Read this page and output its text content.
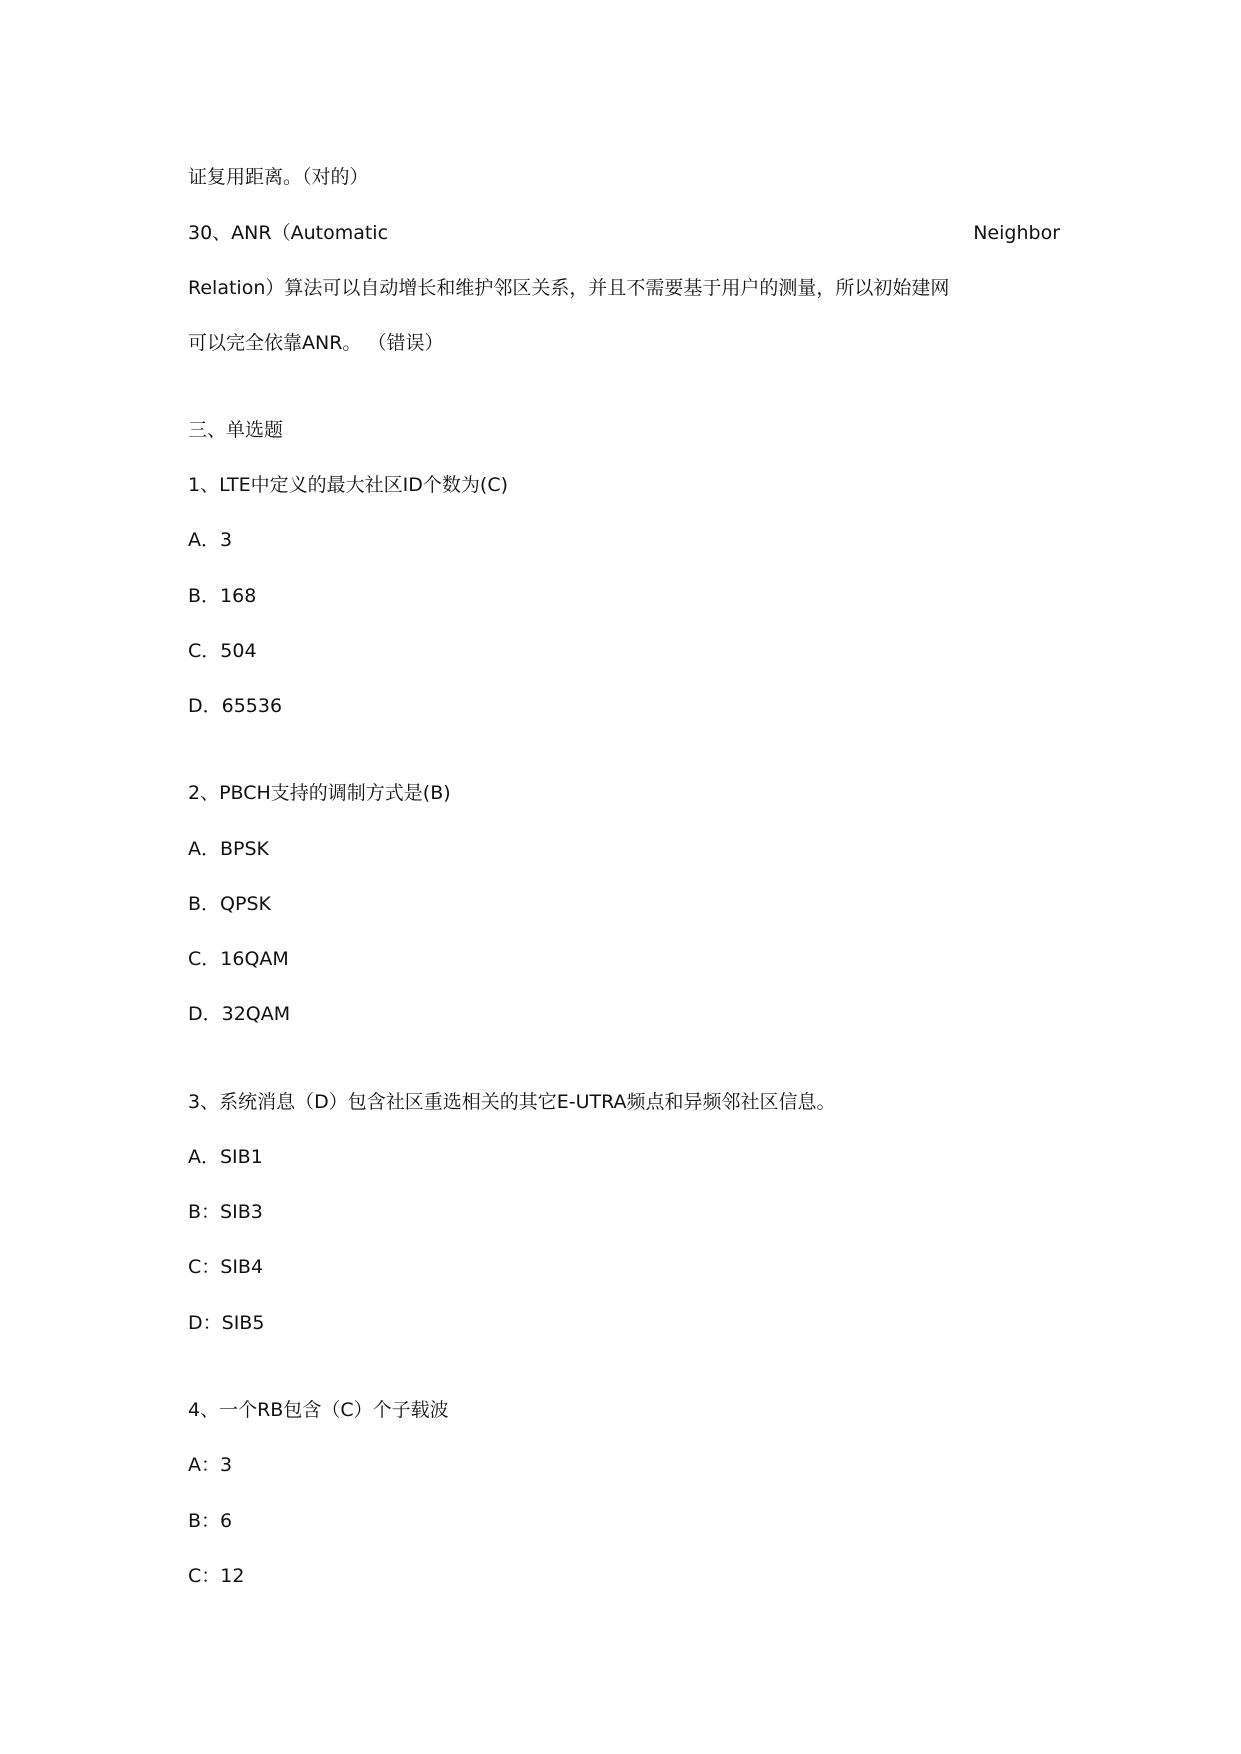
证复用距离。（对的）
30、ANR（Automatic	Neighbor
Relation）算法可以自动增长和维护邻区关系，并且不需要基于用户的测量，所以初始建网
可以完全依靠ANR。 （错误）
三、单选题
1、LTE中定义的最大社区ID个数为(C)
A．3
B．168
C．504
D．65536
2、PBCH支持的调制方式是(B)
A．BPSK
B．QPSK
C．16QAM
D．32QAM
3、系统消息（D）包含社区重选相关的其它E-UTRA频点和异频邻社区信息。
A．SIB1
B：SIB3
C：SIB4
D：SIB5
4、一个RB包含（C）个子载波
A：3
B：6
C：12
